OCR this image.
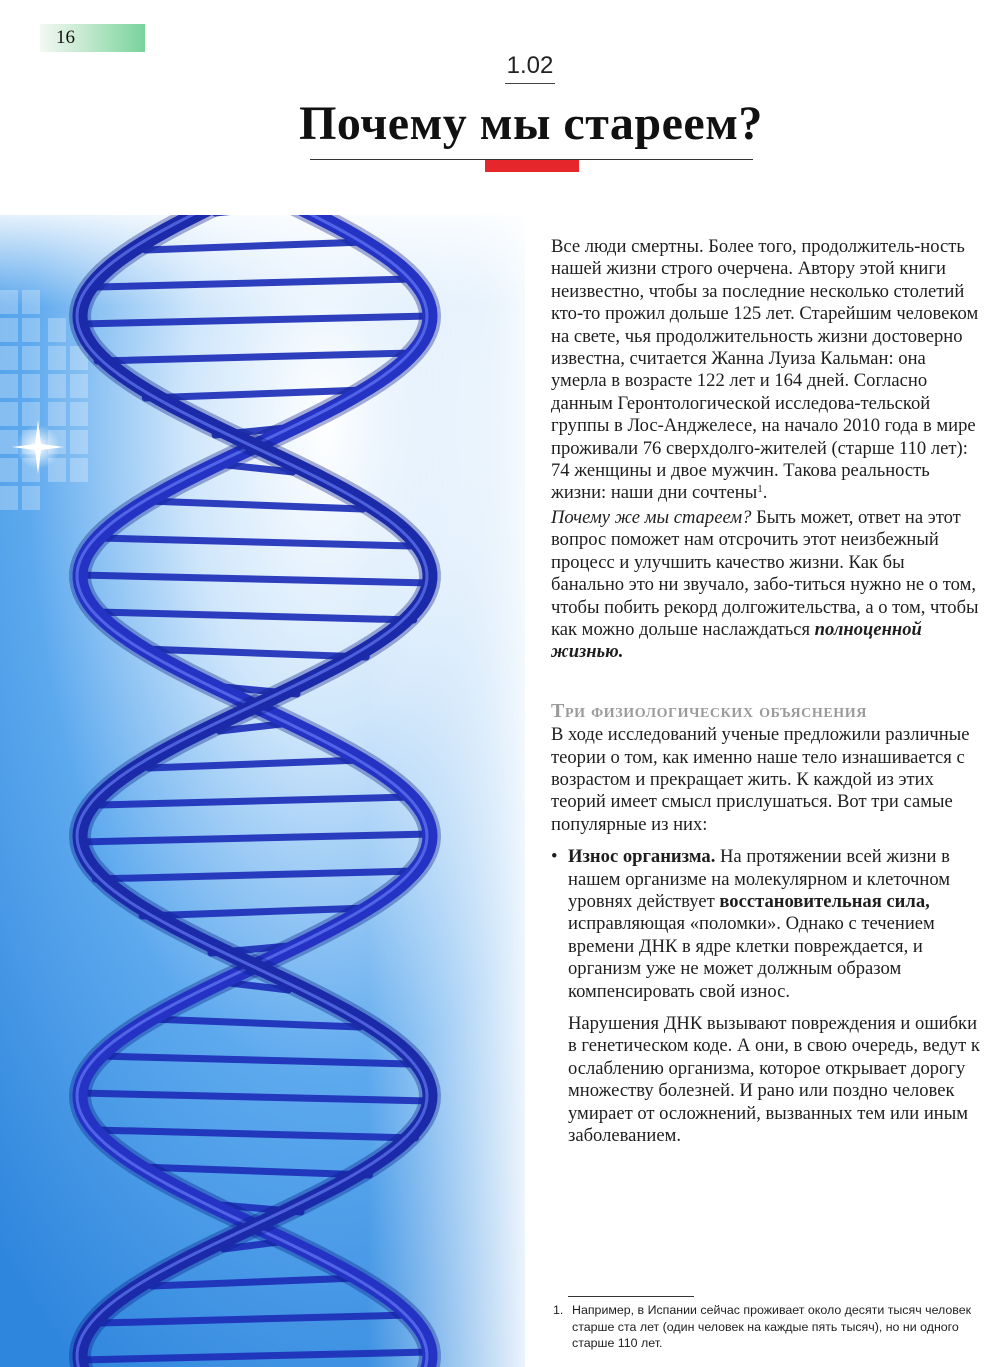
16
1.02
Почему мы стареем?

Все люди смертны. Более того, продолжитель-ность нашей жизни строго очерчена. Автору этой книги неизвестно, чтобы за последние несколько столетий кто-то прожил дольше 125 лет. Старейшим человеком на свете, чья продолжительность жизни достоверно известна, считается Жанна Луиза Кальман: она умерла в возрасте 122 лет и 164 дней. Согласно данным Геронтологической исследова-тельской группы в Лос-Анджелесе, на начало 2010 года в мире проживали 76 сверхдолго-жителей (старше 110 лет): 74 женщины и двое мужчин. Такова реальность жизни: наши дни сочтены$^1$.

Почему же мы стареем? Быть может, ответ на этот вопрос поможет нам отсрочить этот неизбежный процесс и улучшить качество жизни. Как бы банально это ни звучало, забо-титься нужно не о том, чтобы побить рекорд долгожительства, а о том, чтобы как можно дольше наслаждаться полноценной жизнью.

Три физиологических объяснения

В ходе исследований ученые предложили различные теории о том, как именно наше тело изнашивается с возрастом и прекращает жить. К каждой из этих теорий имеет смысл прислушаться. Вот три самые популярные из них:

• Износ организма. На протяжении всей жизни в нашем организме на молекулярном и клеточном уровнях действует восстановительная сила, исправляющая «поломки». Однако с течением времени ДНК в ядре клетки повреждается, и организм уже не может должным образом компенсировать свой износ.

Нарушения ДНК вызывают повреждения и ошибки в генетическом коде. А они, в свою очередь, ведут к ослаблению организма, которое открывает дорогу множеству болезней. И рано или поздно человек умирает от осложнений, вызванных тем или иным заболеванием.

1. Например, в Испании сейчас проживает около десяти тысяч человек старше ста лет (один человек на каждые пять тысяч), но ни одного старше 110 лет.
